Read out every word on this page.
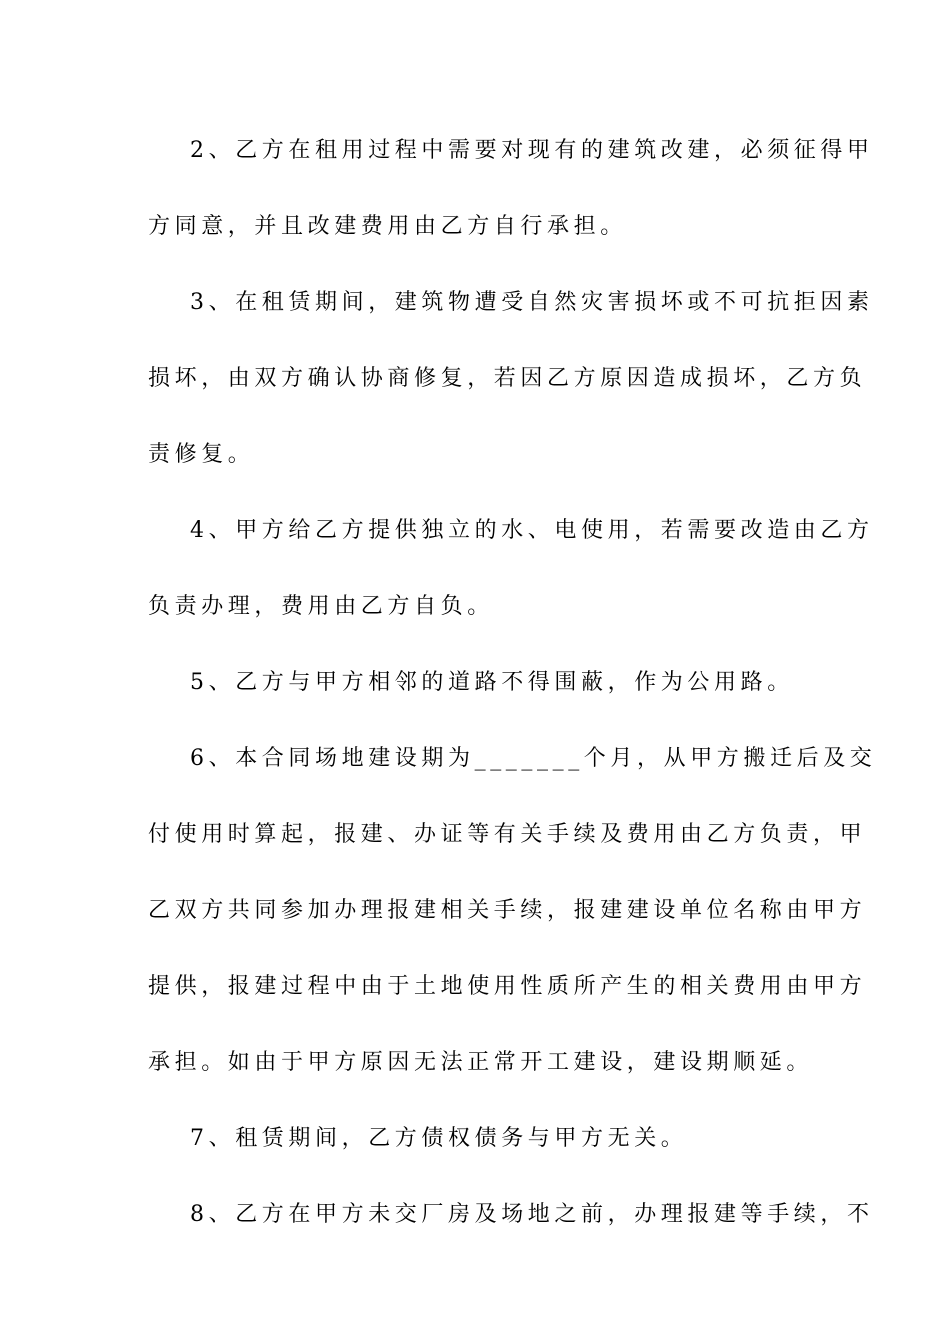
2、乙方在租用过程中需要对现有的建筑改建，必须征得甲

方同意，并且改建费用由乙方自行承担。

3、在租赁期间，建筑物遭受自然灾害损坏或不可抗拒因素

损坏，由双方确认协商修复，若因乙方原因造成损坏，乙方负

责修复。

4、甲方给乙方提供独立的水、电使用，若需要改造由乙方

负责办理，费用由乙方自负。

5、乙方与甲方相邻的道路不得围蔽，作为公用路。

6、本合同场地建设期为_______个月，从甲方搬迁后及交

付使用时算起，报建、办证等有关手续及费用由乙方负责，甲

乙双方共同参加办理报建相关手续，报建建设单位名称由甲方

提供，报建过程中由于土地使用性质所产生的相关费用由甲方

承担。如由于甲方原因无法正常开工建设，建设期顺延。

7、租赁期间，乙方债权债务与甲方无关。

8、乙方在甲方未交厂房及场地之前，办理报建等手续，不
